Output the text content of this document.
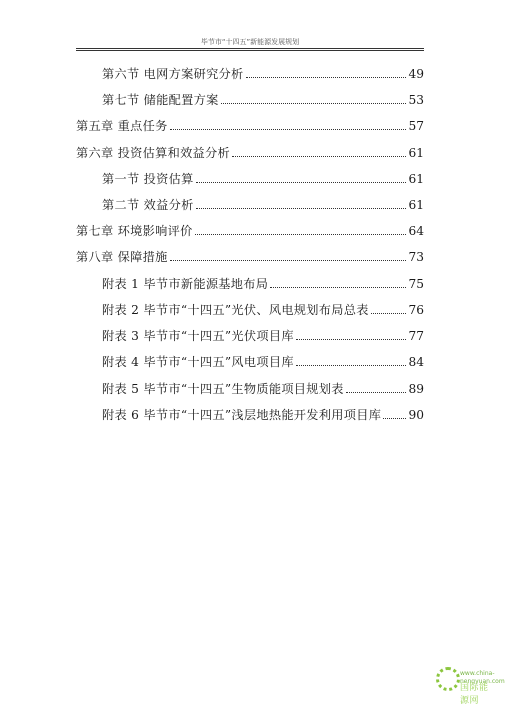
毕节市“十四五”新能源发展规划
第六节 电网方案研究分析	49
第七节 储能配置方案	53
第五章 重点任务	57
第六章 投资估算和效益分析	61
第一节 投资估算	61
第二节 效益分析	61
第七章 环境影响评价	64
第八章 保障措施	73
附表 1 毕节市新能源基地布局	75
附表 2 毕节市“十四五”光伏、风电规划布局总表	76
附表 3 毕节市“十四五”光伏项目库	77
附表 4 毕节市“十四五”风电项目库	84
附表 5 毕节市“十四五”生物质能项目规划表	89
附表 6 毕节市“十四五”浅层地热能开发利用项目库 90
www.china-nengyuan.com
国际能源网
